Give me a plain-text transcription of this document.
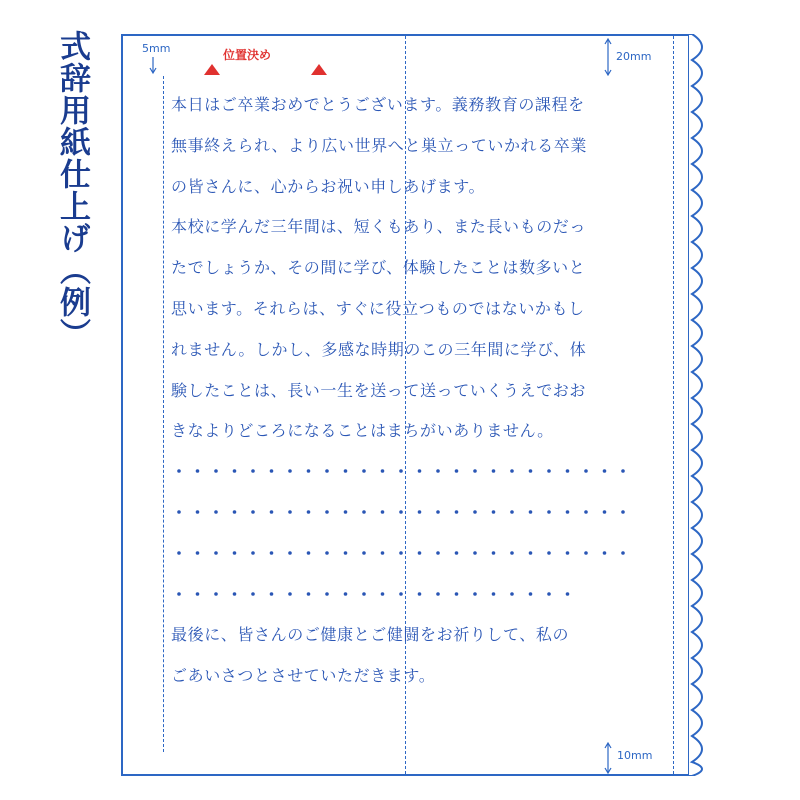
式辞用紙仕上げ（例）	5mm
20mm
10mm
位置決め
本日はご卒業おめでとうございます。義務教育の課程を
無事終えられ、より広い世界へと巣立っていかれる卒業
の皆さんに、心からお祝い申しあげます。
本校に学んだ三年間は、短くもあり、また長いものだっ
たでしょうか、その間に学び、体験したことは数多いと
思います。それらは、すぐに役立つものではないかもし
れません。しかし、多感な時期のこの三年間に学び、体
験したことは、長い一生を送って送っていくうえでおお
きなよりどころになることはまちがいありません。
・・・・・・・・・・・・・・・・・・・・・・・・・
・・・・・・・・・・・・・・・・・・・・・・・・・
・・・・・・・・・・・・・・・・・・・・・・・・・
・・・・・・・・・・・・・・・・・・・・・・
最後に、皆さんのご健康とご健闘をお祈りして、私の
ごあいさつとさせていただきます。
